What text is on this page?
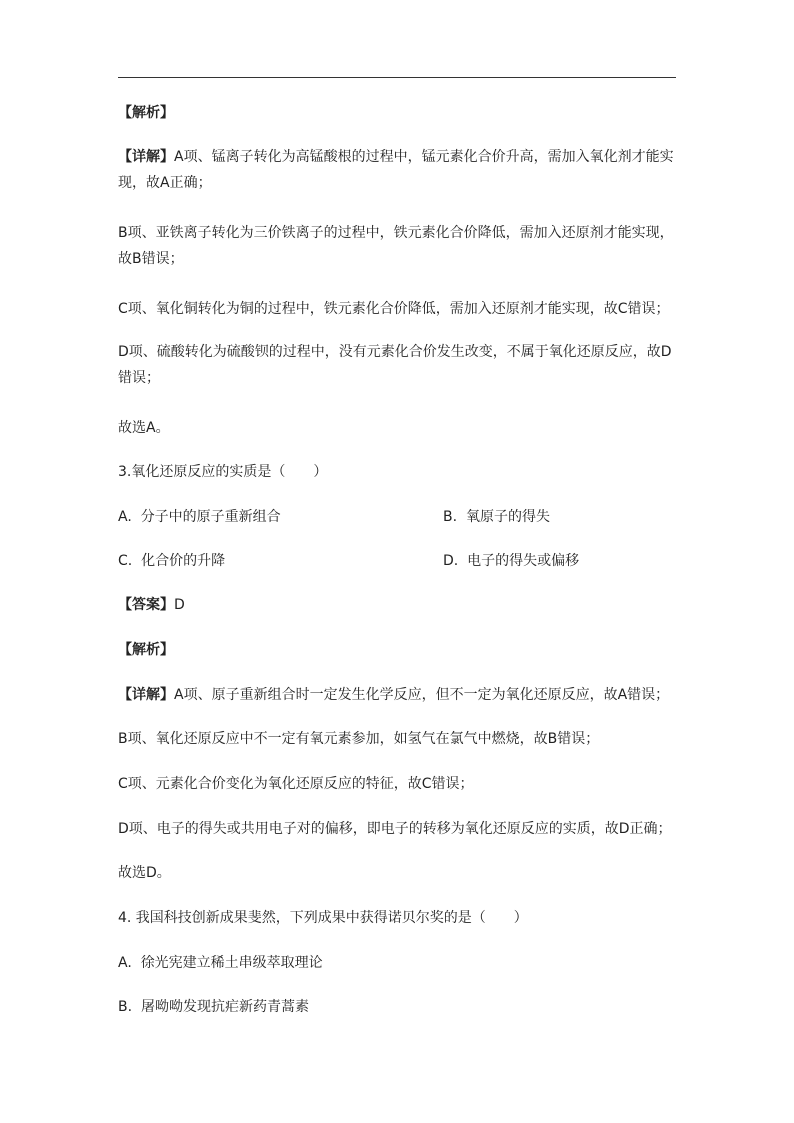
【解析】
【详解】A项、锰离子转化为高锰酸根的过程中，锰元素化合价升高，需加入氧化剂才能实现，故A正确；
B项、亚铁离子转化为三价铁离子的过程中，铁元素化合价降低，需加入还原剂才能实现，故B错误；
C项、氧化铜转化为铜的过程中，铁元素化合价降低，需加入还原剂才能实现，故C错误；
D项、硫酸转化为硫酸钡的过程中，没有元素化合价发生改变，不属于氧化还原反应，故D错误；
故选A。
3.氧化还原反应的实质是（　　）
A. 分子中的原子重新组合	B. 氧原子的得失
C. 化合价的升降	D. 电子的得失或偏移
【答案】D
【解析】
【详解】A项、原子重新组合时一定发生化学反应，但不一定为氧化还原反应，故A错误；
B项、氧化还原反应中不一定有氧元素参加，如氢气在氯气中燃烧，故B错误；
C项、元素化合价变化为氧化还原反应的特征，故C错误；
D项、电子的得失或共用电子对的偏移，即电子的转移为氧化还原反应的实质，故D正确；
故选D。
4. 我国科技创新成果斐然，下列成果中获得诺贝尔奖的是（　　）
A. 徐光宪建立稀土串级萃取理论
B. 屠呦呦发现抗疟新药青蒿素
